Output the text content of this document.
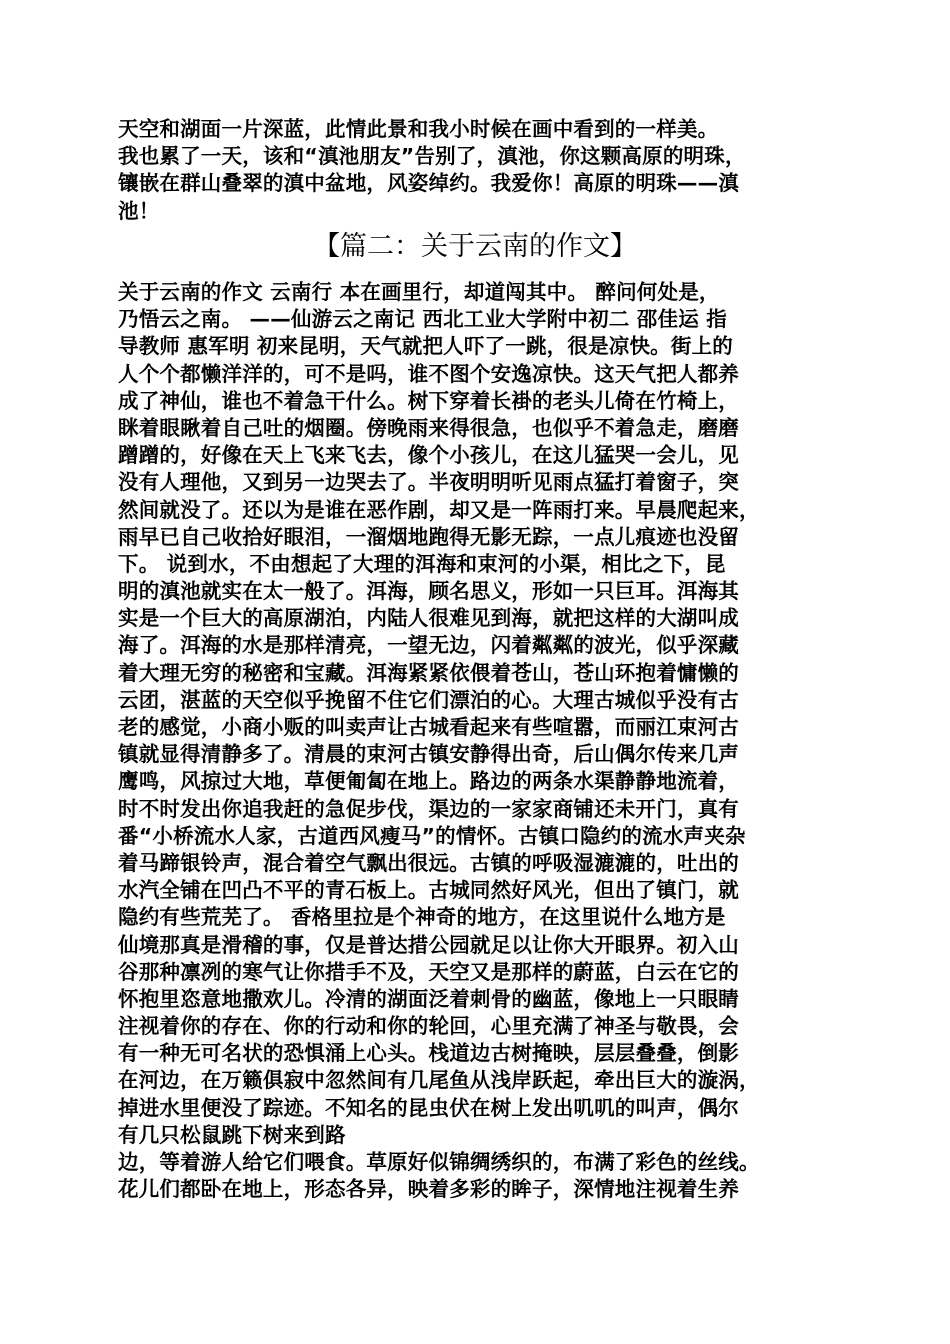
天空和湖面一片深蓝，此情此景和我小时候在画中看到的一样美。
我也累了一天，该和“滇池朋友”告别了，滇池，你这颗高原的明珠，
镶嵌在群山叠翠的滇中盆地，风姿绰约。我爱你！高原的明珠——滇
池！
【篇二：关于云南的作文】
关于云南的作文 云南行 本在画里行，却道闯其中。 醉问何处是，
乃悟云之南。 ——仙游云之南记 西北工业大学附中初二 邵佳运 指
导教师 惠军明 初来昆明，天气就把人吓了一跳，很是凉快。街上的
人个个都懒洋洋的，可不是吗，谁不图个安逸凉快。这天气把人都养
成了神仙，谁也不着急干什么。树下穿着长褂的老头儿倚在竹椅上，
眯着眼瞅着自己吐的烟圈。傍晚雨来得很急，也似乎不着急走，磨磨
蹭蹭的，好像在天上飞来飞去，像个小孩儿，在这儿猛哭一会儿，见
没有人理他，又到另一边哭去了。半夜明明听见雨点猛打着窗子，突
然间就没了。还以为是谁在恶作剧，却又是一阵雨打来。早晨爬起来，
雨早已自己收拾好眼泪，一溜烟地跑得无影无踪，一点儿痕迹也没留
下。 说到水，不由想起了大理的洱海和束河的小渠，相比之下，昆
明的滇池就实在太一般了。洱海，顾名思义，形如一只巨耳。洱海其
实是一个巨大的高原湖泊，内陆人很难见到海，就把这样的大湖叫成
海了。洱海的水是那样清亮，一望无边，闪着粼粼的波光，似乎深藏
着大理无穷的秘密和宝藏。洱海紧紧依偎着苍山，苍山环抱着慵懒的
云团，湛蓝的天空似乎挽留不住它们漂泊的心。大理古城似乎没有古
老的感觉，小商小贩的叫卖声让古城看起来有些喧嚣，而丽江束河古
镇就显得清静多了。清晨的束河古镇安静得出奇，后山偶尔传来几声
鹰鸣，风掠过大地，草便匍匐在地上。路边的两条水渠静静地流着，
时不时发出你追我赶的急促步伐，渠边的一家家商铺还未开门，真有
番“小桥流水人家，古道西风瘦马”的情怀。古镇口隐约的流水声夹杂
着马蹄银铃声，混合着空气飘出很远。古镇的呼吸湿漉漉的，吐出的
水汽全铺在凹凸不平的青石板上。古城同然好风光，但出了镇门，就
隐约有些荒芜了。 香格里拉是个神奇的地方，在这里说什么地方是
仙境那真是滑稽的事，仅是普达措公园就足以让你大开眼界。初入山
谷那种凛冽的寒气让你措手不及，天空又是那样的蔚蓝，白云在它的
怀抱里恣意地撒欢儿。冷清的湖面泛着刺骨的幽蓝，像地上一只眼睛
注视着你的存在、你的行动和你的轮回，心里充满了神圣与敬畏，会
有一种无可名状的恐惧涌上心头。栈道边古树掩映，层层叠叠，倒影
在河边，在万籁俱寂中忽然间有几尾鱼从浅岸跃起，牵出巨大的漩涡，
掉进水里便没了踪迹。不知名的昆虫伏在树上发出叽叽的叫声，偶尔
有几只松鼠跳下树来到路
边，等着游人给它们喂食。草原好似锦绸绣织的，布满了彩色的丝线。
花儿们都卧在地上，形态各异，映着多彩的眸子，深情地注视着生养
